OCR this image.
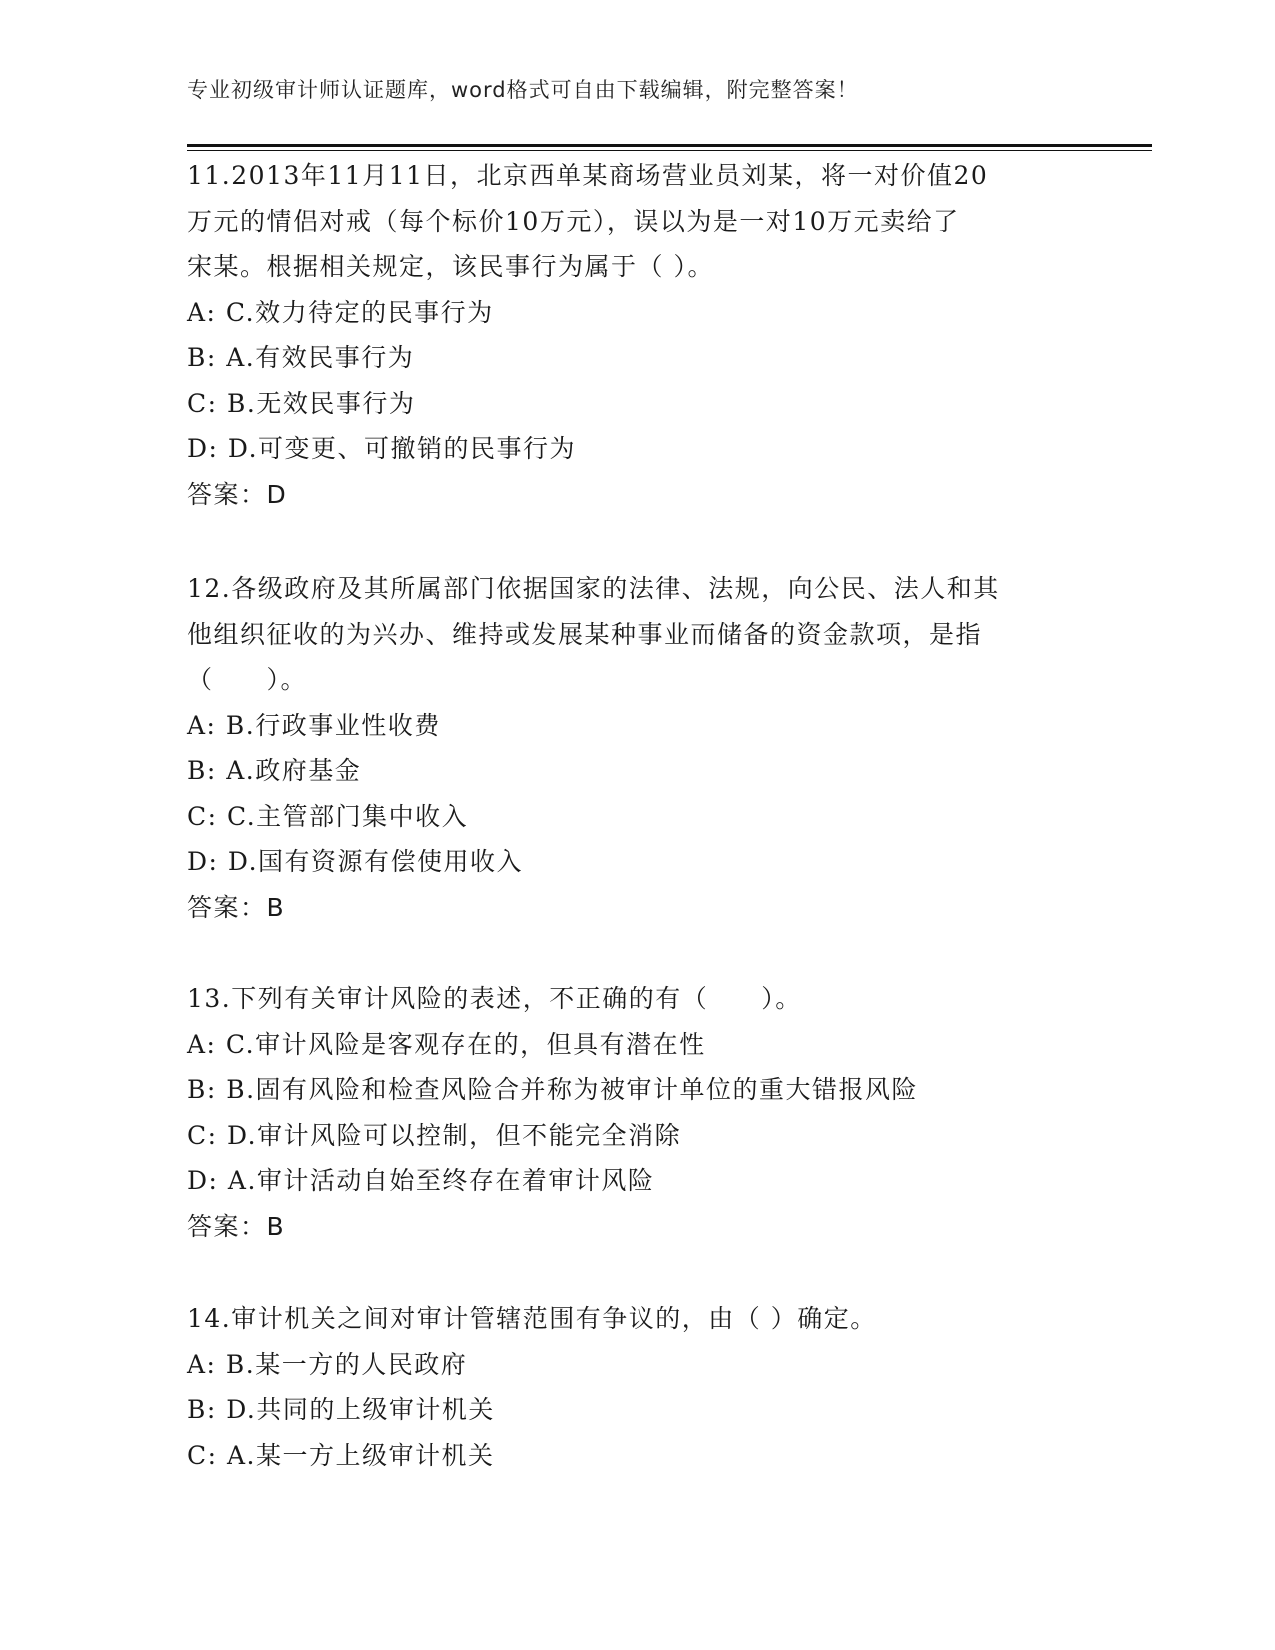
专业初级审计师认证题库，word格式可自由下载编辑，附完整答案！
11.2013年11月11日，北京西单某商场营业员刘某，将一对价值20
万元的情侣对戒（每个标价10万元），误以为是一对10万元卖给了
宋某。根据相关规定，该民事行为属于（ ）。
A: C.效力待定的民事行为
B: A.有效民事行为
C: B.无效民事行为
D: D.可变更、可撤销的民事行为
答案：D
12.各级政府及其所属部门依据国家的法律、法规，向公民、法人和其
他组织征收的为兴办、维持或发展某种事业而储备的资金款项，是指
（　　）。
A: B.行政事业性收费
B: A.政府基金
C: C.主管部门集中收入
D: D.国有资源有偿使用收入
答案：B
13.下列有关审计风险的表述，不正确的有（　　）。
A: C.审计风险是客观存在的，但具有潜在性
B: B.固有风险和检查风险合并称为被审计单位的重大错报风险
C: D.审计风险可以控制，但不能完全消除
D: A.审计活动自始至终存在着审计风险
答案：B
14.审计机关之间对审计管辖范围有争议的，由（ ）确定。
A: B.某一方的人民政府
B: D.共同的上级审计机关
C: A.某一方上级审计机关
